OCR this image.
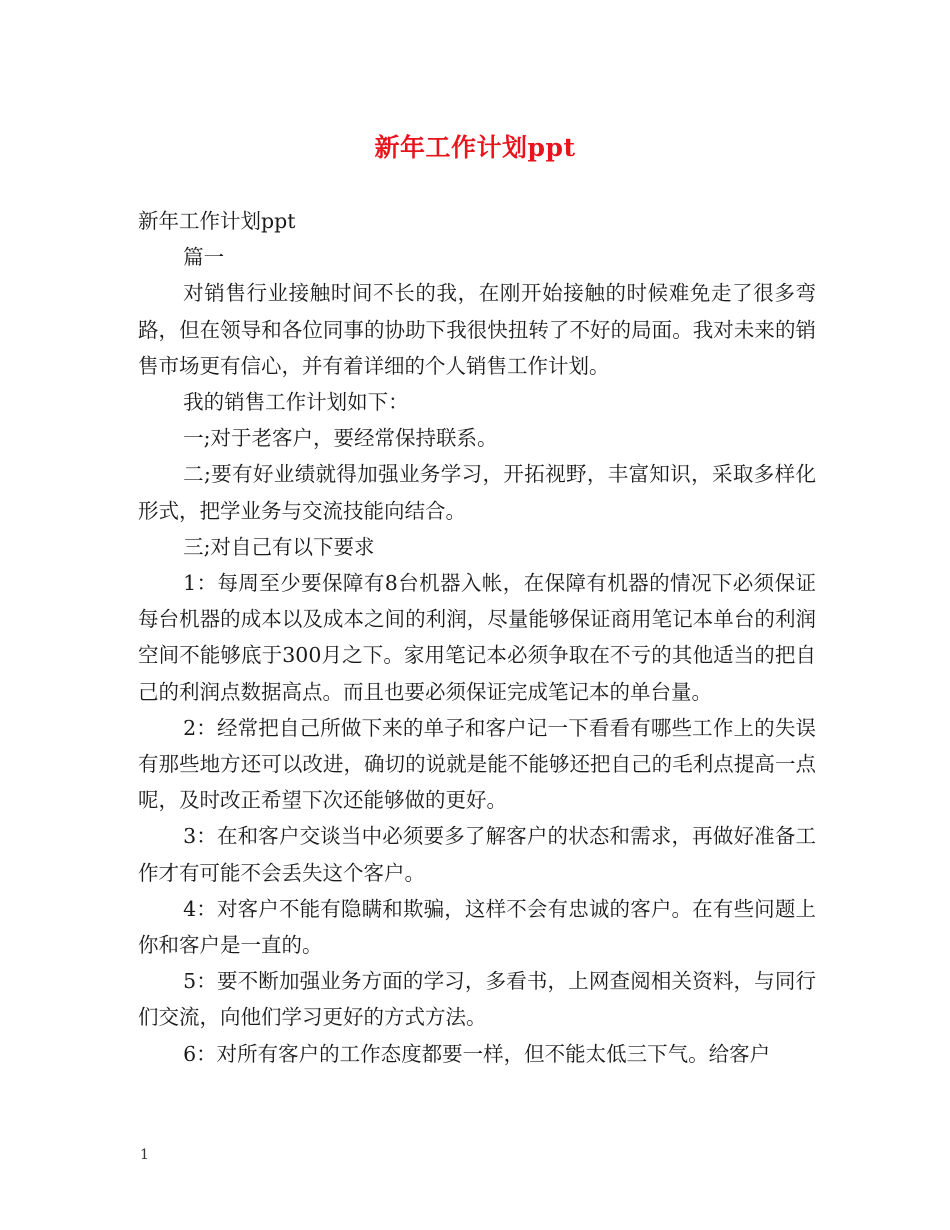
新年工作计划ppt

新年工作计划ppt

篇一

对销售行业接触时间不长的我，在刚开始接触的时候难免走了很多弯路，但在领导和各位同事的协助下我很快扭转了不好的局面。我对未来的销售市场更有信心，并有着详细的个人销售工作计划。

我的销售工作计划如下：

一;对于老客户，要经常保持联系。

二;要有好业绩就得加强业务学习，开拓视野，丰富知识，采取多样化形式，把学业务与交流技能向结合。

三;对自己有以下要求

1：每周至少要保障有8台机器入帐，在保障有机器的情况下必须保证每台机器的成本以及成本之间的利润，尽量能够保证商用笔记本单台的利润空间不能够底于300月之下。家用笔记本必须争取在不亏的其他适当的把自己的利润点数据高点。而且也要必须保证完成笔记本的单台量。

2：经常把自己所做下来的单子和客户记一下看看有哪些工作上的失误有那些地方还可以改进，确切的说就是能不能够还把自己的毛利点提高一点呢，及时改正希望下次还能够做的更好。

3：在和客户交谈当中必须要多了解客户的状态和需求，再做好准备工作才有可能不会丢失这个客户。

4：对客户不能有隐瞒和欺骗，这样不会有忠诚的客户。在有些问题上你和客户是一直的。

5：要不断加强业务方面的学习，多看书，上网查阅相关资料，与同行们交流，向他们学习更好的方式方法。

6：对所有客户的工作态度都要一样，但不能太低三下气。给客户

1
